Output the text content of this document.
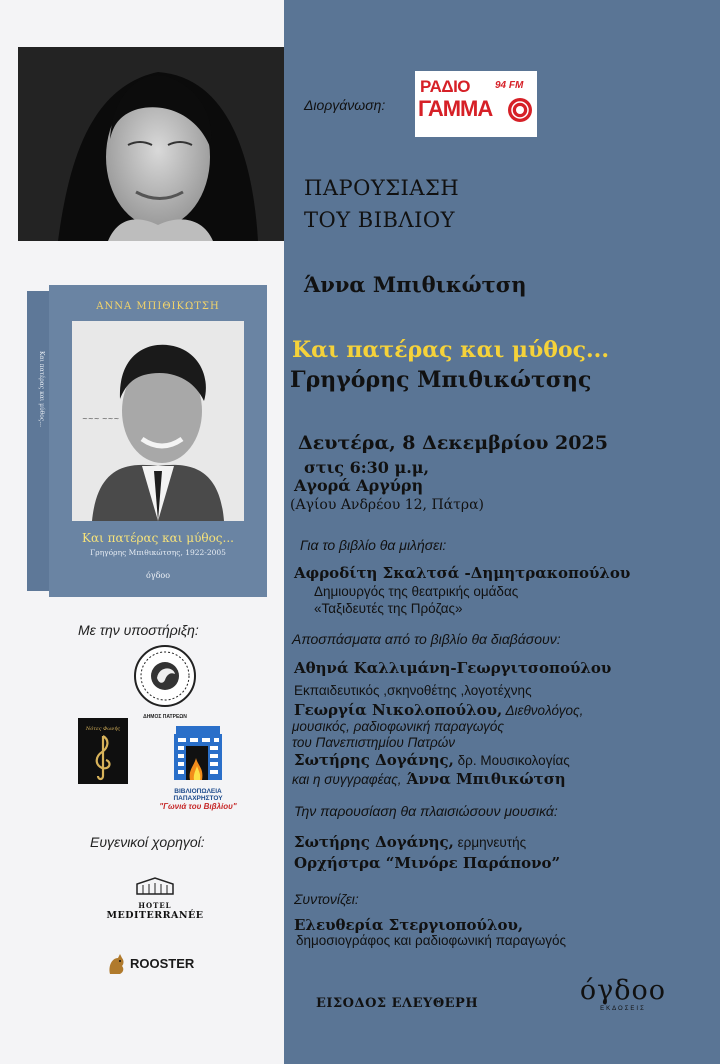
Και πατέρας και μύθος...
ΑΝΝΑ ΜΠΙΘΙΚΩΤΣΗ
~~~ ~~~
Και πατέρας και μύθος...
Γρηγόρης Μπιθικώτσης, 1922-2005
όγδοο
Με την υποστήριξη:
ΔΗΜΟΣ ΠΑΤΡΕΩΝ
Νότες Φωνής
ΒΙΒΛΙΟΠΩΛΕΙΑ ΠΑΠΑΧΡΗΣΤΟΥ
"Γωνιά του Βιβλίου"
Ευγενικοί χορηγοί:
HOTEL
MEDITERRANÉE
ROOSTER
Διοργάνωση:
ΡΑΔΙΟ 94 FM
ΓΑΜΜΑ
ΠΑΡΟΥΣΙΑΣΗ
ΤΟΥ ΒΙΒΛΙΟΥ
Άννα Μπιθικώτση
Και πατέρας και μύθος...
Γρηγόρης Μπιθικώτσης
Δευτέρα, 8 Δεκεμβρίου 2025
στις 6:30 μ.μ,
Αγορά Αργύρη
(Αγίου Ανδρέου 12, Πάτρα)
Για το βιβλίο θα μιλήσει:
Αφροδίτη Σκαλτσά -Δημητρακοπούλου
Δημιουργός της θεατρικής ομάδας
«Ταξιδευτές της Πρόζας»
Αποσπάσματα από το βιβλίο θα διαβάσουν:
Αθηνά Καλλιμάνη-Γεωργιτσοπούλου
Εκπαιδευτικός ,σκηνοθέτης ,λογοτέχνης
Γεωργία Νικολοπούλου, Διεθνολόγος,
μουσικός, ραδιοφωνική παραγωγός
του Πανεπιστημίου Πατρών
Σωτήρης Δογάνης, δρ. Μουσικολογίας
και η συγγραφέας, Άννα Μπιθικώτση
Την παρουσίαση θα πλαισιώσουν μουσικά:
Σωτήρης Δογάνης, ερμηνευτής
Ορχήστρα “Μινόρε Παράπονο”
Συντονίζει:
Ελευθερία Στεργιοπούλου,
δημοσιογράφος και ραδιοφωνική παραγωγός
ΕΙΣΟΔΟΣ ΕΛΕΥΘΕΡΗ	όγδοο
ΕΚΔΟΣΕΙΣ
